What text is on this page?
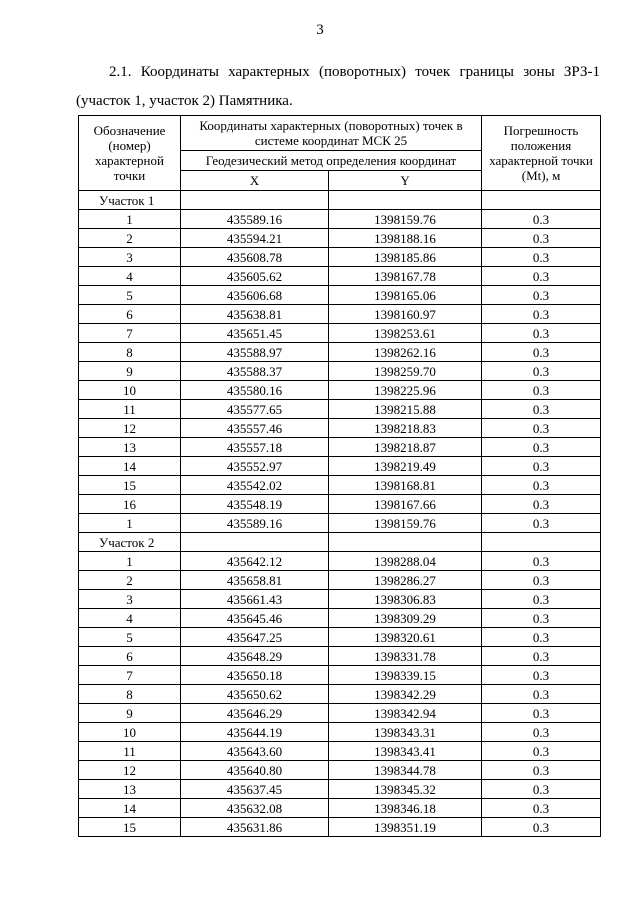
3
2.1. Координаты характерных (поворотных) точек границы зоны ЗРЗ-1
(участок 1, участок 2) Памятника.
Обозначение (номер) характерной точки	Координаты характерных (поворотных) точек в системе координат МСК 25		Погрешность положения характерной точки (Mt), м
	Геодезический метод определения координат		
	X	Y	
Участок 1			
1	435589.16	1398159.76	0.3
2	435594.21	1398188.16	0.3
3	435608.78	1398185.86	0.3
4	435605.62	1398167.78	0.3
5	435606.68	1398165.06	0.3
6	435638.81	1398160.97	0.3
7	435651.45	1398253.61	0.3
8	435588.97	1398262.16	0.3
9	435588.37	1398259.70	0.3
10	435580.16	1398225.96	0.3
11	435577.65	1398215.88	0.3
12	435557.46	1398218.83	0.3
13	435557.18	1398218.87	0.3
14	435552.97	1398219.49	0.3
15	435542.02	1398168.81	0.3
16	435548.19	1398167.66	0.3
1	435589.16	1398159.76	0.3
Участок 2			
1	435642.12	1398288.04	0.3
2	435658.81	1398286.27	0.3
3	435661.43	1398306.83	0.3
4	435645.46	1398309.29	0.3
5	435647.25	1398320.61	0.3
6	435648.29	1398331.78	0.3
7	435650.18	1398339.15	0.3
8	435650.62	1398342.29	0.3
9	435646.29	1398342.94	0.3
10	435644.19	1398343.31	0.3
11	435643.60	1398343.41	0.3
12	435640.80	1398344.78	0.3
13	435637.45	1398345.32	0.3
14	435632.08	1398346.18	0.3
15	435631.86	1398351.19	0.3
